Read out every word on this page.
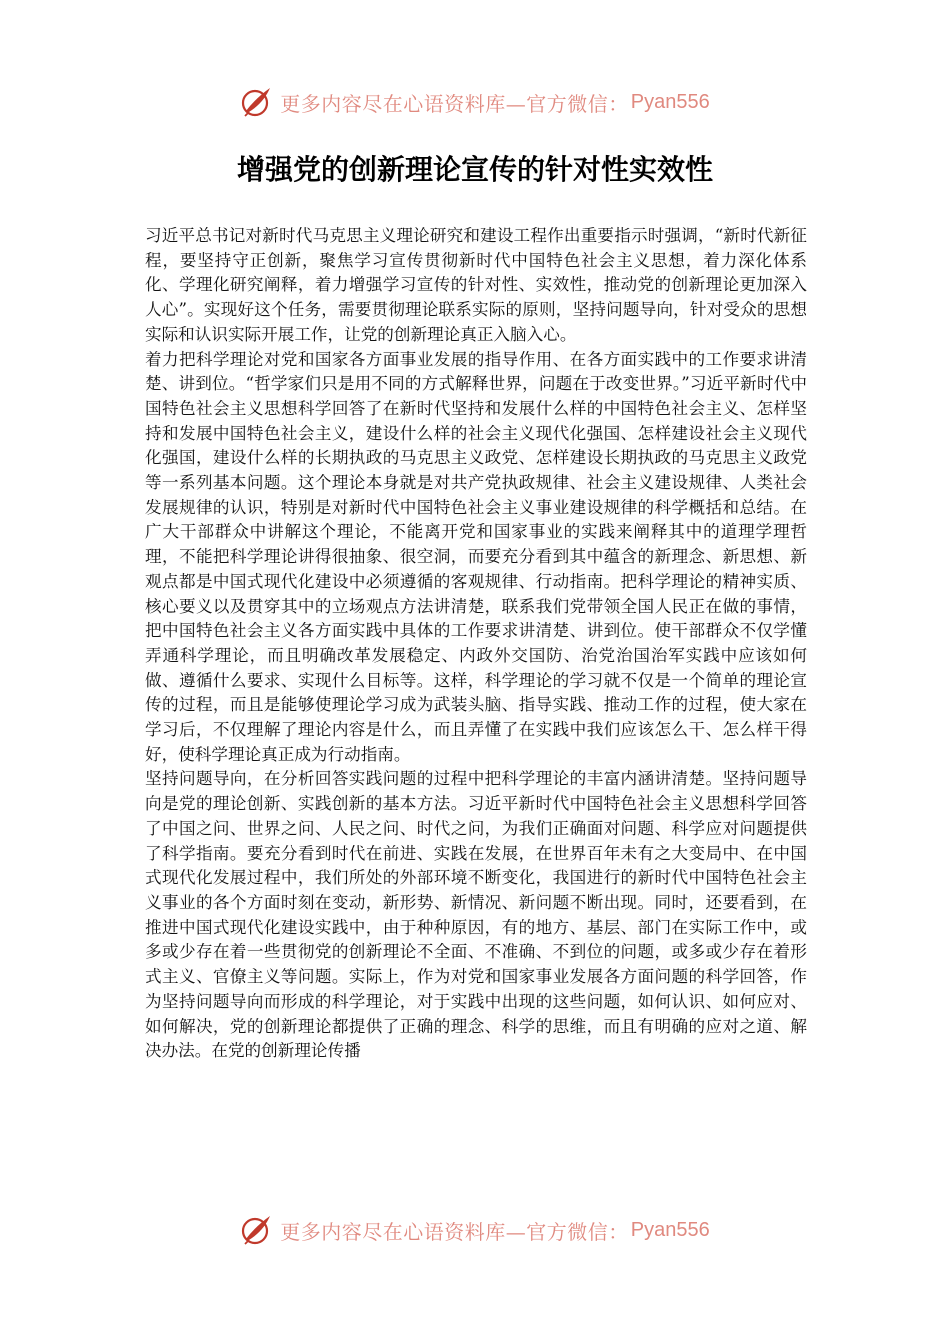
更多内容尽在心语资料库—官方微信： Pyan556
增强党的创新理论宣传的针对性实效性

习近平总书记对新时代马克思主义理论研究和建设工程作出重要指示时强调，“新时代新征程，要坚持守正创新，聚焦学习宣传贯彻新时代中国特色社会主义思想，着力深化体系化、学理化研究阐释，着力增强学习宣传的针对性、实效性，推动党的创新理论更加深入人心”。实现好这个任务，需要贯彻理论联系实际的原则，坚持问题导向，针对受众的思想实际和认识实际开展工作，让党的创新理论真正入脑入心。

着力把科学理论对党和国家各方面事业发展的指导作用、在各方面实践中的工作要求讲清楚、讲到位。“哲学家们只是用不同的方式解释世界，问题在于改变世界。”习近平新时代中国特色社会主义思想科学回答了在新时代坚持和发展什么样的中国特色社会主义、怎样坚持和发展中国特色社会主义，建设什么样的社会主义现代化强国、怎样建设社会主义现代化强国，建设什么样的长期执政的马克思主义政党、怎样建设长期执政的马克思主义政党等一系列基本问题。这个理论本身就是对共产党执政规律、社会主义建设规律、人类社会发展规律的认识，特别是对新时代中国特色社会主义事业建设规律的科学概括和总结。在广大干部群众中讲解这个理论，不能离开党和国家事业的实践来阐释其中的道理学理哲理，不能把科学理论讲得很抽象、很空洞，而要充分看到其中蕴含的新理念、新思想、新观点都是中国式现代化建设中必须遵循的客观规律、行动指南。把科学理论的精神实质、核心要义以及贯穿其中的立场观点方法讲清楚，联系我们党带领全国人民正在做的事情，把中国特色社会主义各方面实践中具体的工作要求讲清楚、讲到位。使干部群众不仅学懂弄通科学理论，而且明确改革发展稳定、内政外交国防、治党治国治军实践中应该如何做、遵循什么要求、实现什么目标等。这样，科学理论的学习就不仅是一个简单的理论宣传的过程，而且是能够使理论学习成为武装头脑、指导实践、推动工作的过程，使大家在学习后，不仅理解了理论内容是什么，而且弄懂了在实践中我们应该怎么干、怎么样干得好，使科学理论真正成为行动指南。

坚持问题导向，在分析回答实践问题的过程中把科学理论的丰富内涵讲清楚。坚持问题导向是党的理论创新、实践创新的基本方法。习近平新时代中国特色社会主义思想科学回答了中国之问、世界之问、人民之问、时代之问，为我们正确面对问题、科学应对问题提供了科学指南。要充分看到时代在前进、实践在发展，在世界百年未有之大变局中、在中国式现代化发展过程中，我们所处的外部环境不断变化，我国进行的新时代中国特色社会主义事业的各个方面时刻在变动，新形势、新情况、新问题不断出现。同时，还要看到，在推进中国式现代化建设实践中，由于种种原因，有的地方、基层、部门在实际工作中，或多或少存在着一些贯彻党的创新理论不全面、不准确、不到位的问题，或多或少存在着形式主义、官僚主义等问题。实际上，作为对党和国家事业发展各方面问题的科学回答，作为坚持问题导向而形成的科学理论，对于实践中出现的这些问题，如何认识、如何应对、如何解决，党的创新理论都提供了正确的理念、科学的思维，而且有明确的应对之道、解决办法。在党的创新理论传播

更多内容尽在心语资料库—官方微信： Pyan556
